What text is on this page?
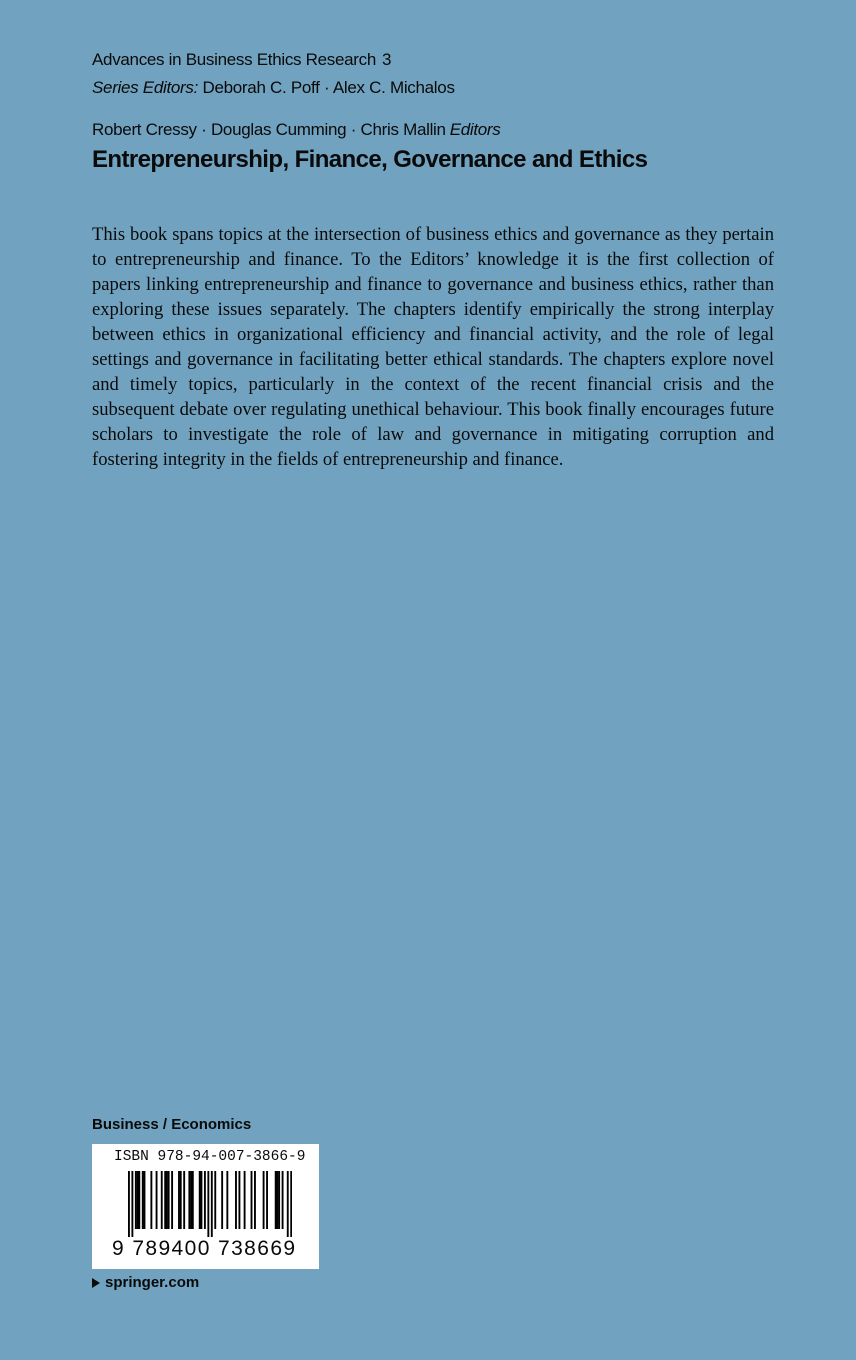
Advances in Business Ethics Research 3
Series Editors: Deborah C. Poff · Alex C. Michalos
Robert Cressy · Douglas Cumming · Chris Mallin Editors
Entrepreneurship, Finance, Governance and Ethics

This book spans topics at the intersection of business ethics and governance as they pertain to entrepreneurship and finance. To the Editors’ knowledge it is the first collection of papers linking entrepreneurship and finance to governance and business ethics, rather than exploring these issues separately. The chapters identify empirically the strong interplay between ethics in organizational efficiency and financial activity, and the role of legal settings and governance in facilitating better ethical standards. The chapters explore novel and timely topics, particularly in the context of the recent financial crisis and the subsequent debate over regulating unethical behaviour. This book finally encourages future scholars to investigate the role of law and governance in mitigating corruption and fostering integrity in the fields of entrepreneurship and finance.

Business / Economics
ISBN 978-94-007-3866-9
9 789400 738669
springer.com
